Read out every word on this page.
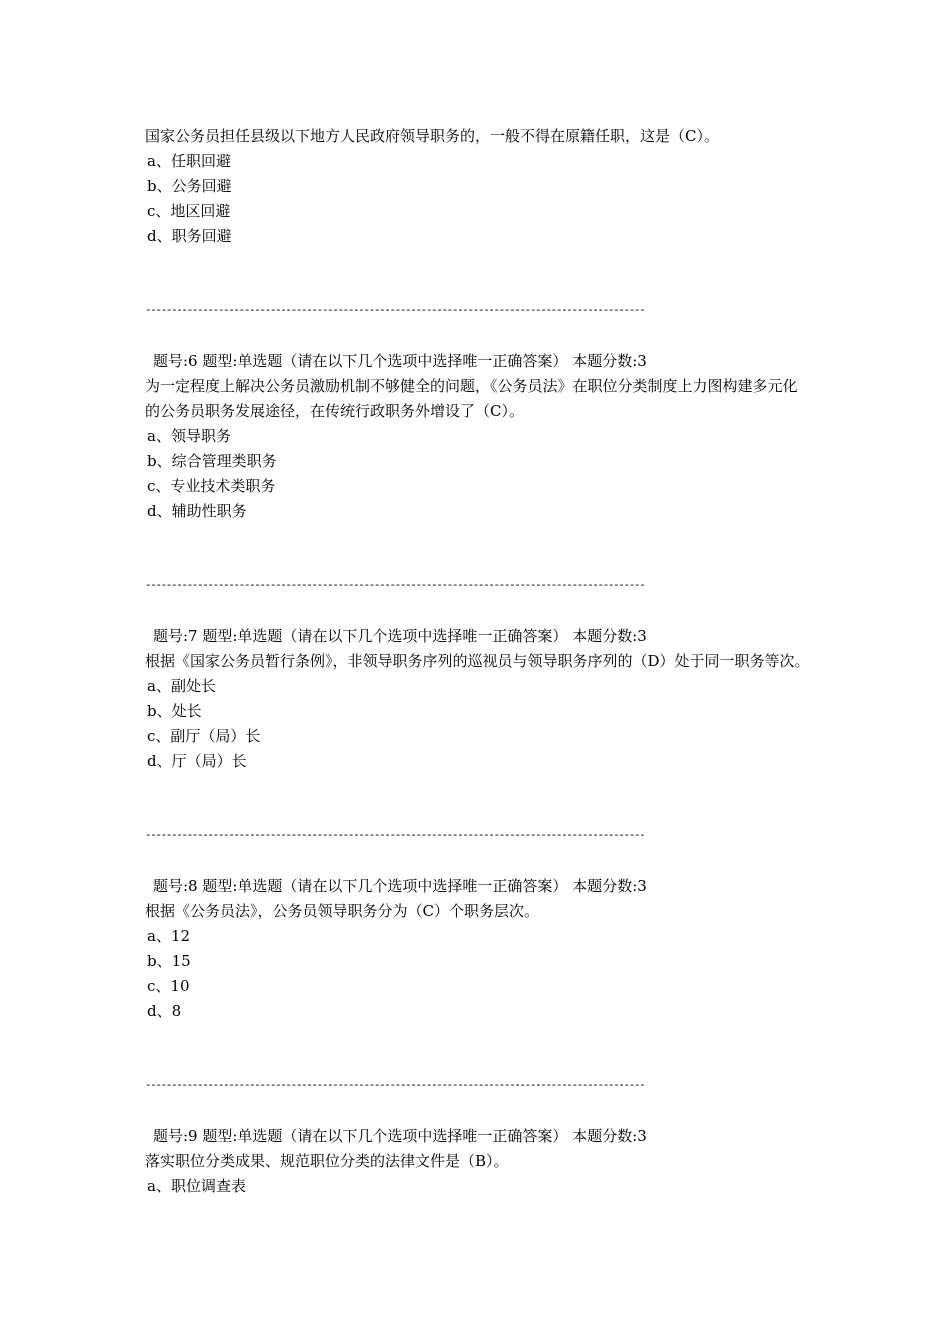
国家公务员担任县级以下地方人民政府领导职务的，一般不得在原籍任职，这是（C）。
a、任职回避
b、公务回避
c、地区回避
d、职务回避
------------------------------------------------------------------------------------------------
题号:6 题型:单选题（请在以下几个选项中选择唯一正确答案） 本题分数:3
为一定程度上解决公务员激励机制不够健全的问题，《公务员法》在职位分类制度上力图构建多元化的公务员职务发展途径，在传统行政职务外增设了（C）。
a、领导职务
b、综合管理类职务
c、专业技术类职务
d、辅助性职务
------------------------------------------------------------------------------------------------
题号:7 题型:单选题（请在以下几个选项中选择唯一正确答案） 本题分数:3
根据《国家公务员暂行条例》，非领导职务序列的巡视员与领导职务序列的（D）处于同一职务等次。
a、副处长
b、处长
c、副厅（局）长
d、厅（局）长
------------------------------------------------------------------------------------------------
题号:8 题型:单选题（请在以下几个选项中选择唯一正确答案） 本题分数:3
根据《公务员法》，公务员领导职务分为（C）个职务层次。
a、12
b、15
c、10
d、8
------------------------------------------------------------------------------------------------
题号:9 题型:单选题（请在以下几个选项中选择唯一正确答案） 本题分数:3
落实职位分类成果、规范职位分类的法律文件是（B）。
a、职位调查表
